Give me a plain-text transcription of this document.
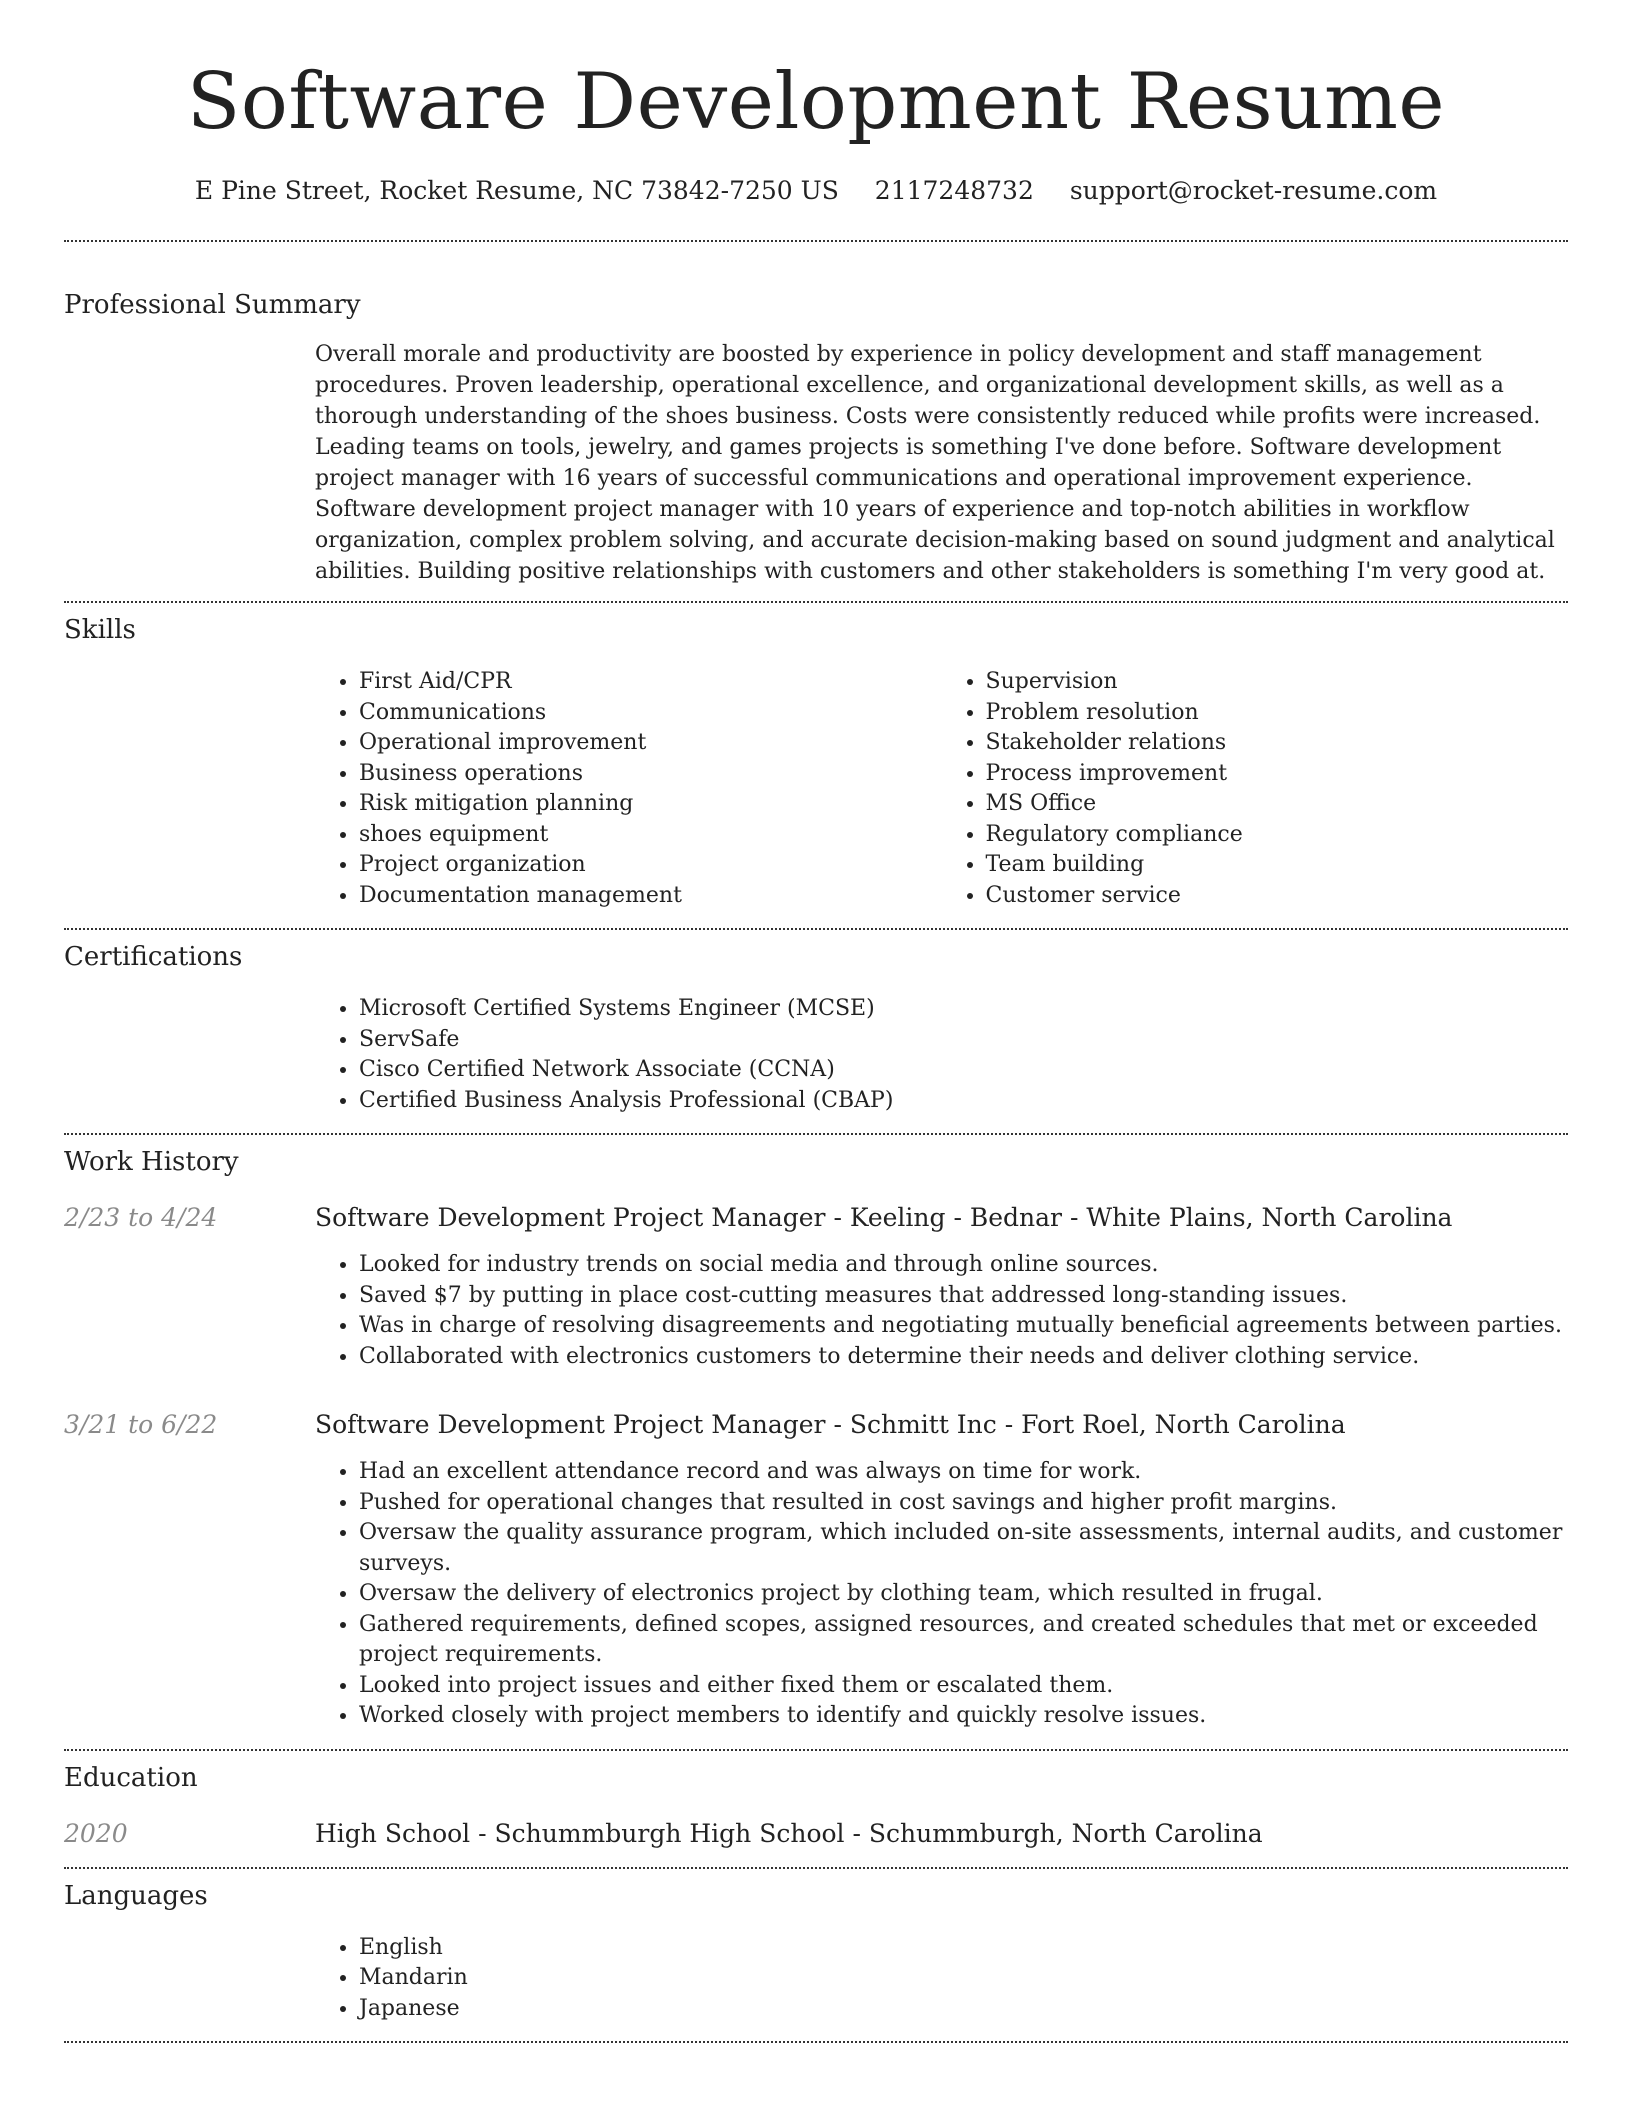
Software Development Resume
E Pine Street, Rocket Resume, NC 73842-7250 US 2117248732 support@rocket-resume.com
Professional Summary

Overall morale and productivity are boosted by experience in policy development and staff management procedures. Proven leadership, operational excellence, and organizational development skills, as well as a thorough understanding of the shoes business. Costs were consistently reduced while profits were increased. Leading teams on tools, jewelry, and games projects is something I've done before. Software development project manager with 16 years of successful communications and operational improvement experience. Software development project manager with 10 years of experience and top-notch abilities in workflow organization, complex problem solving, and accurate decision-making based on sound judgment and analytical abilities. Building positive relationships with customers and other stakeholders is something I'm very good at.

Skills
• First Aid/CPR
• Communications
• Operational improvement
• Business operations
• Risk mitigation planning
• shoes equipment
• Project organization
• Documentation management
• Supervision
• Problem resolution
• Stakeholder relations
• Process improvement
• MS Office
• Regulatory compliance
• Team building
• Customer service
Certifications
• Microsoft Certified Systems Engineer (MCSE)
• ServSafe
• Cisco Certified Network Associate (CCNA)
• Certified Business Analysis Professional (CBAP)
Work History
2/23 to 4/24	Software Development Project Manager - Keeling - Bednar - White Plains, North Carolina
• Looked for industry trends on social media and through online sources.
• Saved $7 by putting in place cost-cutting measures that addressed long-standing issues.
• Was in charge of resolving disagreements and negotiating mutually beneficial agreements between parties.
• Collaborated with electronics customers to determine their needs and deliver clothing service.
3/21 to 6/22	Software Development Project Manager - Schmitt Inc - Fort Roel, North Carolina
• Had an excellent attendance record and was always on time for work.
• Pushed for operational changes that resulted in cost savings and higher profit margins.
• Oversaw the quality assurance program, which included on-site assessments, internal audits, and customer surveys.
• Oversaw the delivery of electronics project by clothing team, which resulted in frugal.
• Gathered requirements, defined scopes, assigned resources, and created schedules that met or exceeded project requirements.
• Looked into project issues and either fixed them or escalated them.
• Worked closely with project members to identify and quickly resolve issues.
Education
2020	High School - Schummburgh High School - Schummburgh, North Carolina
Languages
• English
• Mandarin
• Japanese
